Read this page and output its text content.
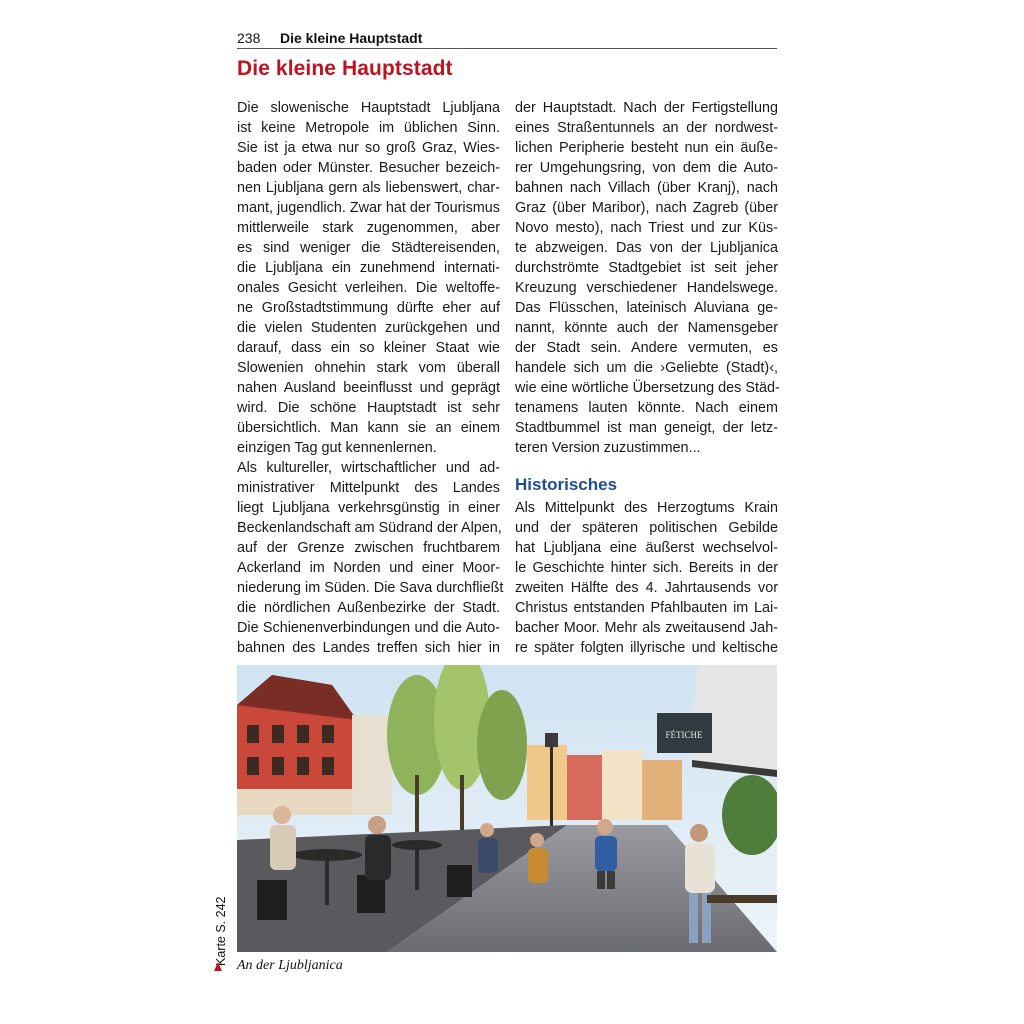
238 Die kleine Hauptstadt
Die kleine Hauptstadt

Die slowenische Hauptstadt Ljubljana
ist keine Metropole im üblichen Sinn.
Sie ist ja etwa nur so groß Graz, Wies-
baden oder Münster. Besucher bezeich-
nen Ljubljana gern als liebenswert, char-
mant, jugendlich. Zwar hat der Tourismus
mittlerweile stark zugenommen, aber
es sind weniger die Städtereisenden,
die Ljubljana ein zunehmend internati-
onales Gesicht verleihen. Die weltoffe-
ne Großstadtstimmung dürfte eher auf
die vielen Studenten zurückgehen und
darauf, dass ein so kleiner Staat wie
Slowenien ohnehin stark vom überall
nahen Ausland beeinflusst und geprägt
wird. Die schöne Hauptstadt ist sehr
übersichtlich. Man kann sie an einem
einzigen Tag gut kennenlernen.

Als kultureller, wirtschaftlicher und ad-
ministrativer Mittelpunkt des Landes
liegt Ljubljana verkehrsgünstig in einer
Beckenlandschaft am Südrand der Alpen,
auf der Grenze zwischen fruchtbarem
Ackerland im Norden und einer Moor-
niederung im Süden. Die Sava durchfließt
die nördlichen Außenbezirke der Stadt.
Die Schienenverbindungen und die Auto-
bahnen des Landes treffen sich hier in

der Hauptstadt. Nach der Fertigstellung
eines Straßentunnels an der nordwest-
lichen Peripherie besteht nun ein äuße-
rer Umgehungsring, von dem die Auto-
bahnen nach Villach (über Kranj), nach
Graz (über Maribor), nach Zagreb (über
Novo mesto), nach Triest und zur Küs-
te abzweigen. Das von der Ljubljanica
durchströmte Stadtgebiet ist seit jeher
Kreuzung verschiedener Handelswege.
Das Flüsschen, lateinisch Aluviana ge-
nannt, könnte auch der Namensgeber
der Stadt sein. Andere vermuten, es
handele sich um die ›Geliebte (Stadt)‹,
wie eine wörtliche Übersetzung des Städ-
tenamens lauten könnte. Nach einem
Stadtbummel ist man geneigt, der letz-
teren Version zuzustimmen...

Historisches

Als Mittelpunkt des Herzogtums Krain
und der späteren politischen Gebilde
hat Ljubljana eine äußerst wechselvol-
le Geschichte hinter sich. Bereits in der
zweiten Hälfte des 4. Jahrtausends vor
Christus entstanden Pfahlbauten im Lai-
bacher Moor. Mehr als zweitausend Jah-
re später folgten illyrische und keltische

FÉTICHE
An der Ljubljanica
Karte S. 242
